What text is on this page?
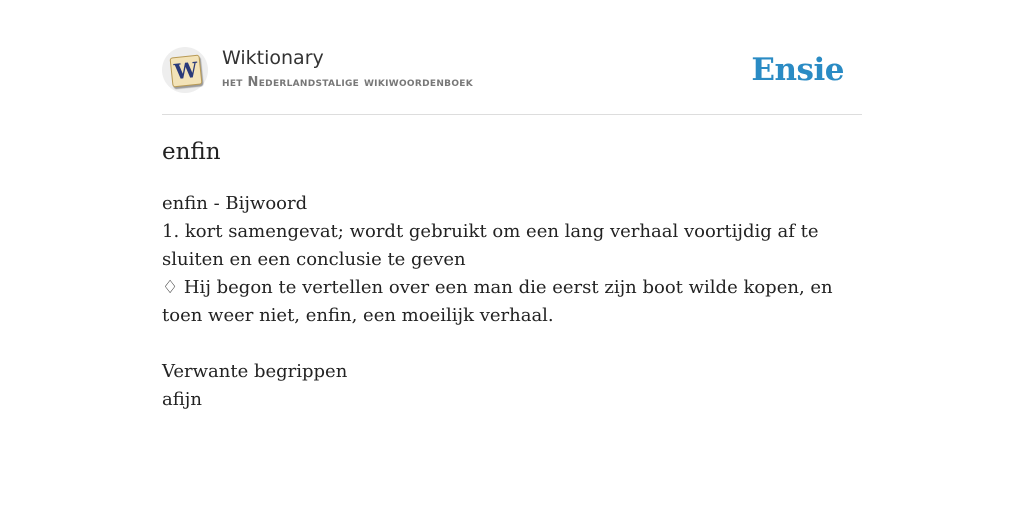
W Wiktionary
het Nederlandstalige wikiwoordenboek	Ensie
enfin

enfin - Bijwoord

1. kort samengevat; wordt gebruikt om een lang verhaal voortijdig af te sluiten en een conclusie te geven

♢ Hij begon te vertellen over een man die eerst zijn boot wilde kopen, en toen weer niet, enfin, een moeilijk verhaal.

Verwante begrippen

afijn
